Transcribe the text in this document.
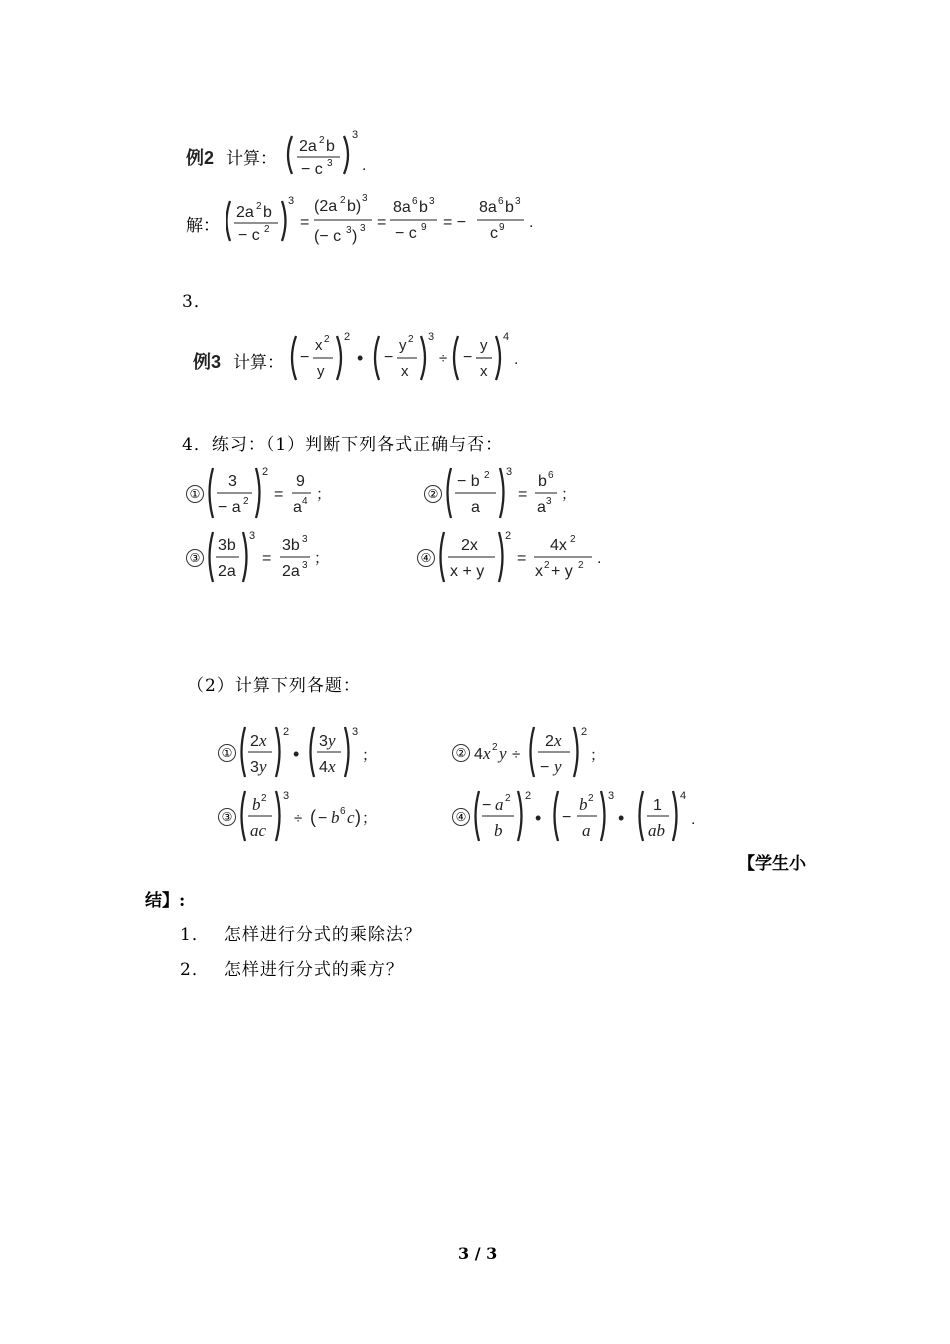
例2 计算：
2a 2 b
− c 3
3
.
解：
2a 2 b
− c 2
3
=
(2a 2 b) 3
(− c 3 ) 3 =
8a 6 b 3
− c 9 = −
8a 6 b 3
c 9 .
3．
例3 计算： −
x 2
y
2
• −
y 2
x
3
÷ −
y
x
4
.
4．练习：（1）判断下列各式正确与否：
①
3
− a 2
2
=
9
a 4 ；	②
− b 2
a
3
=
b 6
a 3 ；
③
3b
2a
3
=
3b 3
2a 3 ；	④
2x
x + y
2
=
4x 2
x 2 + y 2 .
（2）计算下列各题：
①
2 x
3 y
2
•
3 y
4 x
3
；	② 4 x 2 y ÷
2 x
− y
2
；
③
b 2
ac
3
÷ ( − b 6 c ) ；	④
− a 2
b
2
• −
b 2
a
3
•
1
ab
4
.
【学生小
结】:
1． 怎样进行分式的乘除法？
2． 怎样进行分式的乘方？
3 / 3
